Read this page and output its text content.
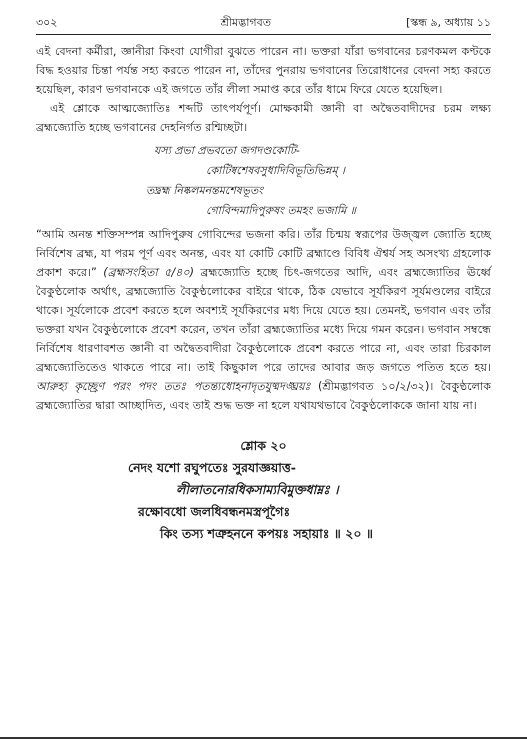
৩০২	শ্রীমদ্ভাগবত	[স্কন্ধ ৯, অধ্যায় ১১

এই বেদনা কর্মীরা, জ্ঞানীরা কিংবা যোগীরা বুঝতে পারেন না। ভক্তরা যাঁরা ভগবানের চরণকমল কণ্টকে বিদ্ধ হওয়ার চিন্তা পর্যন্ত সহ্য করতে পারেন না, তাঁদের পুনরায় ভগবানের তিরোধানের বেদনা সহ্য করতে হয়েছিল, কারণ ভগবানকে এই জগতে তাঁর লীলা সমাপ্ত করে তাঁর ধামে ফিরে যেতে হয়েছিল।

এই শ্লোকে আত্মজ্যোতিঃ শব্দটি তাৎপর্যপূর্ণ। মোক্ষকামী জ্ঞানী বা অদ্বৈতবাদীদের চরম লক্ষ্য ব্রহ্মজ্যোতি হচ্ছে ভগবানের দেহনির্গত রশ্মিচ্ছটা।

যস্য প্রভা প্রভবতো জগদণ্ডকোটি-
কোটিষ্বশেষবসুধাদিবিভূতিভিন্নম্ ।
তদ্ব্রহ্ম নিষ্কলমনন্তমশেষভূতং
গোবিন্দমাদিপুরুষং তমহং ভজামি ॥

“আমি অনন্ত শক্তিসম্পন্ন আদিপুরুষ গোবিন্দের ভজনা করি। তাঁর চিন্ময় স্বরূপের উজ্জ্বল জ্যোতি হচ্ছে নির্বিশেষ ব্রহ্ম, যা পরম পূর্ণ এবং অনন্ত, এবং যা কোটি কোটি ব্রহ্মাণ্ডে বিবিধ ঐশ্বর্য সহ অসংখ্য গ্রহলোক প্রকাশ করে।” (ব্রহ্মসংহিতা ৫/৪০) ব্রহ্মজ্যোতি হচ্ছে চিৎ-জগতের আদি, এবং ব্রহ্মজ্যোতির ঊর্ধ্বে বৈকুণ্ঠলোক অর্থাৎ, ব্রহ্মজ্যোতি বৈকুণ্ঠলোকের বাইরে থাকে, ঠিক যেভাবে সূর্যকিরণ সূর্যমণ্ডলের বাইরে থাকে। সূর্যলোকে প্রবেশ করতে হলে অবশ্যই সূর্যকিরণের মধ্য দিয়ে যেতে হয়। তেমনই, ভগবান এবং তাঁর ভক্তরা যখন বৈকুণ্ঠলোকে প্রবেশ করেন, তখন তাঁরা ব্রহ্মজ্যোতির মধ্যে দিয়ে গমন করেন। ভগবান সম্বন্ধে নির্বিশেষ ধারণাবশত জ্ঞানী বা অদ্বৈতবাদীরা বৈকুণ্ঠলোকে প্রবেশ করতে পারে না, এবং তারা চিরকাল ব্রহ্মজ্যোতিতেও থাকতে পারে না। তাই কিছুকাল পরে তাদের আবার জড় জগতে পতিত হতে হয়। আরুহ্য কৃচ্ছ্রেণ পরং পদং ততঃ পতন্ত্যধোহনাদৃতযুষ্মদঙ্ঘ্রয়ঃ (শ্রীমদ্ভাগবত ১০/২/৩২)। বৈকুণ্ঠলোক ব্রহ্মজ্যোতির দ্বারা আচ্ছাদিত, এবং তাই শুদ্ধ ভক্ত না হলে যথাযথভাবে বৈকুণ্ঠলোককে জানা যায় না।

শ্লোক ২০
নেদং যশো রঘুপতেঃ সুরযাজ্ঞয়াত্ত-
লীলাতনোরধিকসাম্যবিমুক্তধাম্নঃ ।
রক্ষোবধো জলধিবন্ধনমস্ত্রপূগৈঃ
কিং তস্য শত্রুহননে কপয়ঃ সহায়াঃ ॥ ২০ ॥
